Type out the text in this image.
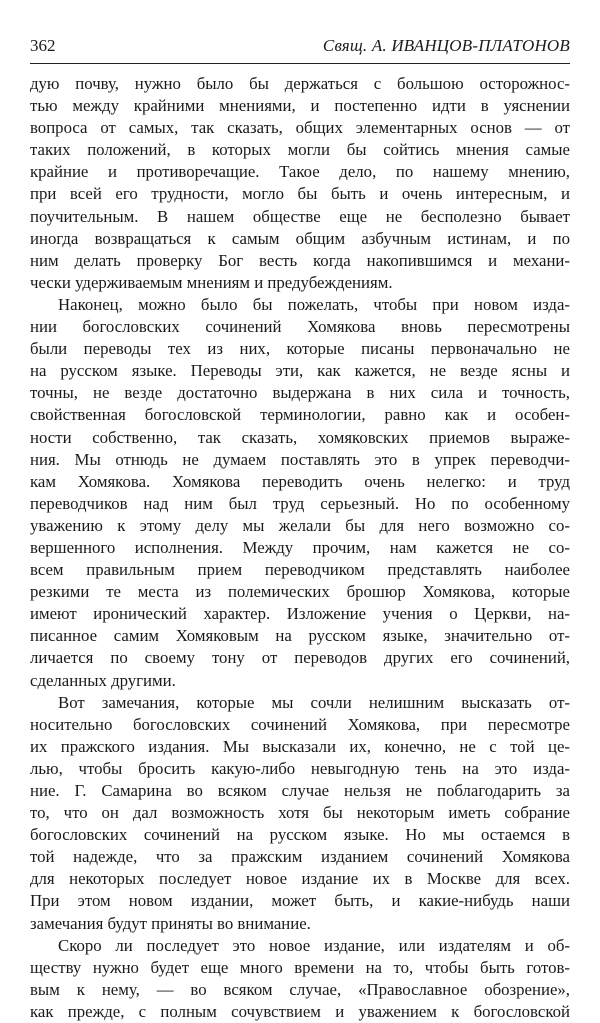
362	Свящ. А. ИВАНЦОВ-ПЛАТОНОВ
дую почву, нужно было бы держаться с большою осторожнос-
тью между крайними мнениями, и постепенно идти в уяснении
вопроса от самых, так сказать, общих элементарных основ — от
таких положений, в которых могли бы сойтись мнения самые
крайние и противоречащие. Такое дело, по нашему мнению,
при всей его трудности, могло бы быть и очень интересным, и
поучительным. В нашем обществе еще не бесполезно бывает
иногда возвращаться к самым общим азбучным истинам, и по
ним делать проверку Бог весть когда накопившимся и механи-
чески удерживаемым мнениям и предубеждениям.
Наконец, можно было бы пожелать, чтобы при новом изда-
нии богословских сочинений Хомякова вновь пересмотрены
были переводы тех из них, которые писаны первоначально не
на русском языке. Переводы эти, как кажется, не везде ясны и
точны, не везде достаточно выдержана в них сила и точность,
свойственная богословской терминологии, равно как и особен-
ности собственно, так сказать, хомяковских приемов выраже-
ния. Мы отнюдь не думаем поставлять это в упрек переводчи-
кам Хомякова. Хомякова переводить очень нелегко: и труд
переводчиков над ним был труд серьезный. Но по особенному
уважению к этому делу мы желали бы для него возможно со-
вершенного исполнения. Между прочим, нам кажется не со-
всем правильным прием переводчиком представлять наиболее
резкими те места из полемических брошюр Хомякова, которые
имеют иронический характер. Изложение учения о Церкви, на-
писанное самим Хомяковым на русском языке, значительно от-
личается по своему тону от переводов других его сочинений,
сделанных другими.
Вот замечания, которые мы сочли нелишним высказать от-
носительно богословских сочинений Хомякова, при пересмотре
их пражского издания. Мы высказали их, конечно, не с той це-
лью, чтобы бросить какую-либо невыгодную тень на это изда-
ние. Г. Самарина во всяком случае нельзя не поблагодарить за
то, что он дал возможность хотя бы некоторым иметь собрание
богословских сочинений на русском языке. Но мы остаемся в
той надежде, что за пражским изданием сочинений Хомякова
для некоторых последует новое издание их в Москве для всех.
При этом новом издании, может быть, и какие-нибудь наши
замечания будут приняты во внимание.
Скоро ли последует это новое издание, или издателям и об-
ществу нужно будет еще много времени на то, чтобы быть готов-
вым к нему, — во всяком случае, «Православное обозрение»,
как прежде, с полным сочувствием и уважением к богословской
